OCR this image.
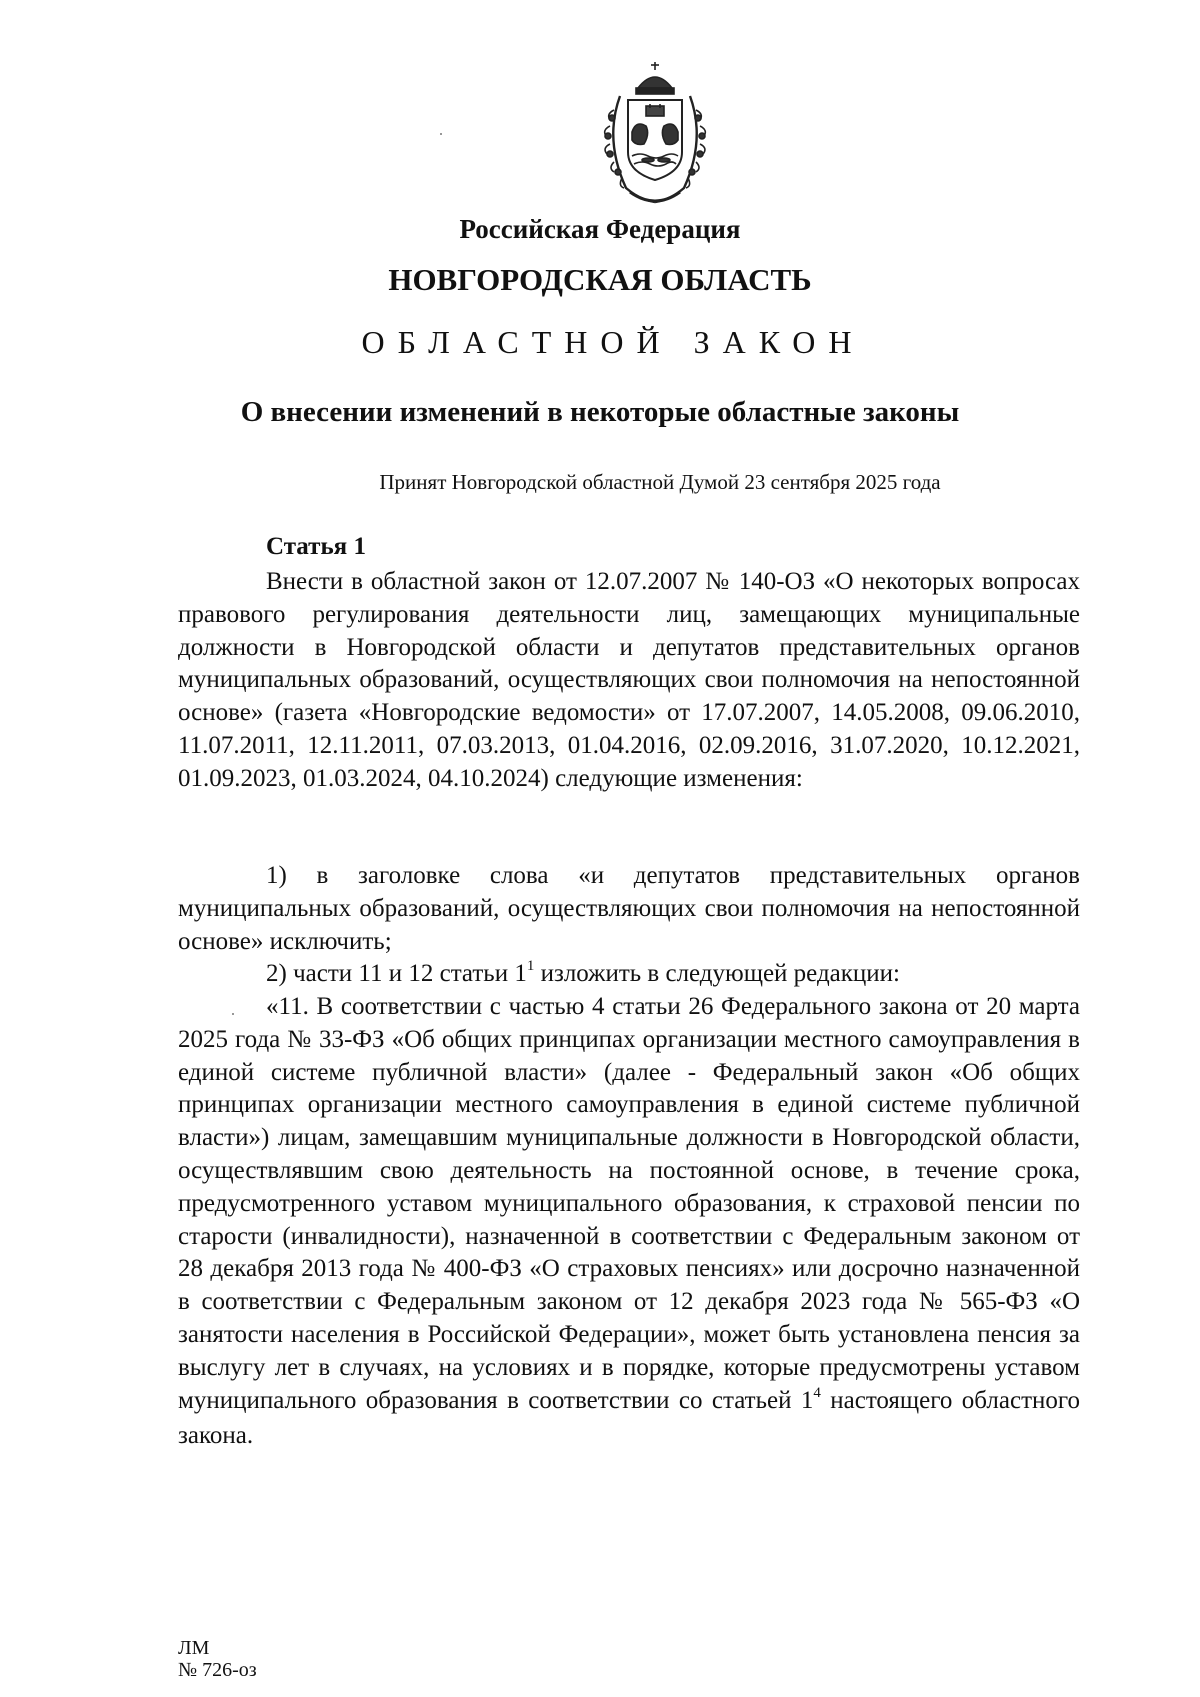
Российская Федерация
НОВГОРОДСКАЯ ОБЛАСТЬ
ОБЛАСТНОЙ ЗАКОН
О внесении изменений в некоторые областные законы
Принят Новгородской областной Думой 23 сентября 2025 года
Статья 1

Внести в областной закон от 12.07.2007 № 140-ОЗ «О некоторых вопросах правового регулирования деятельности лиц, замещающих муниципальные должности в Новгородской области и депутатов представительных органов муниципальных образований, осуществляющих свои полномочия на непостоянной основе» (газета «Новгородские ведомости» от 17.07.2007, 14.05.2008, 09.06.2010, 11.07.2011, 12.11.2011, 07.03.2013, 01.04.2016, 02.09.2016, 31.07.2020, 10.12.2021, 01.09.2023, 01.03.2024, 04.10.2024) следующие изменения:

1) в заголовке слова «и депутатов представительных органов муниципальных образований, осуществляющих свои полномочия на непостоянной основе» исключить;

2) части 11 и 12 статьи $1^1$ изложить в следующей редакции:

«11. В соответствии с частью 4 статьи 26 Федерального закона от 20 марта 2025 года № 33-ФЗ «Об общих принципах организации местного самоуправления в единой системе публичной власти» (далее - Федеральный закон «Об общих принципах организации местного самоуправления в единой системе публичной власти») лицам, замещавшим муниципальные должности в Новгородской области, осуществлявшим свою деятельность на постоянной основе, в течение срока, предусмотренного уставом муниципального образования, к страховой пенсии по старости (инвалидности), назначенной в соответствии с Федеральным законом от 28 декабря 2013 года № 400-ФЗ «О страховых пенсиях» или досрочно назначенной в соответствии с Федеральным законом от 12 декабря 2023 года № 565-ФЗ «О занятости населения в Российской Федерации», может быть установлена пенсия за выслугу лет в случаях, на условиях и в порядке, которые предусмотрены уставом муниципального образования в соответствии со статьей $1^4$ настоящего областного закона.

ЛМ
№ 726-оз
